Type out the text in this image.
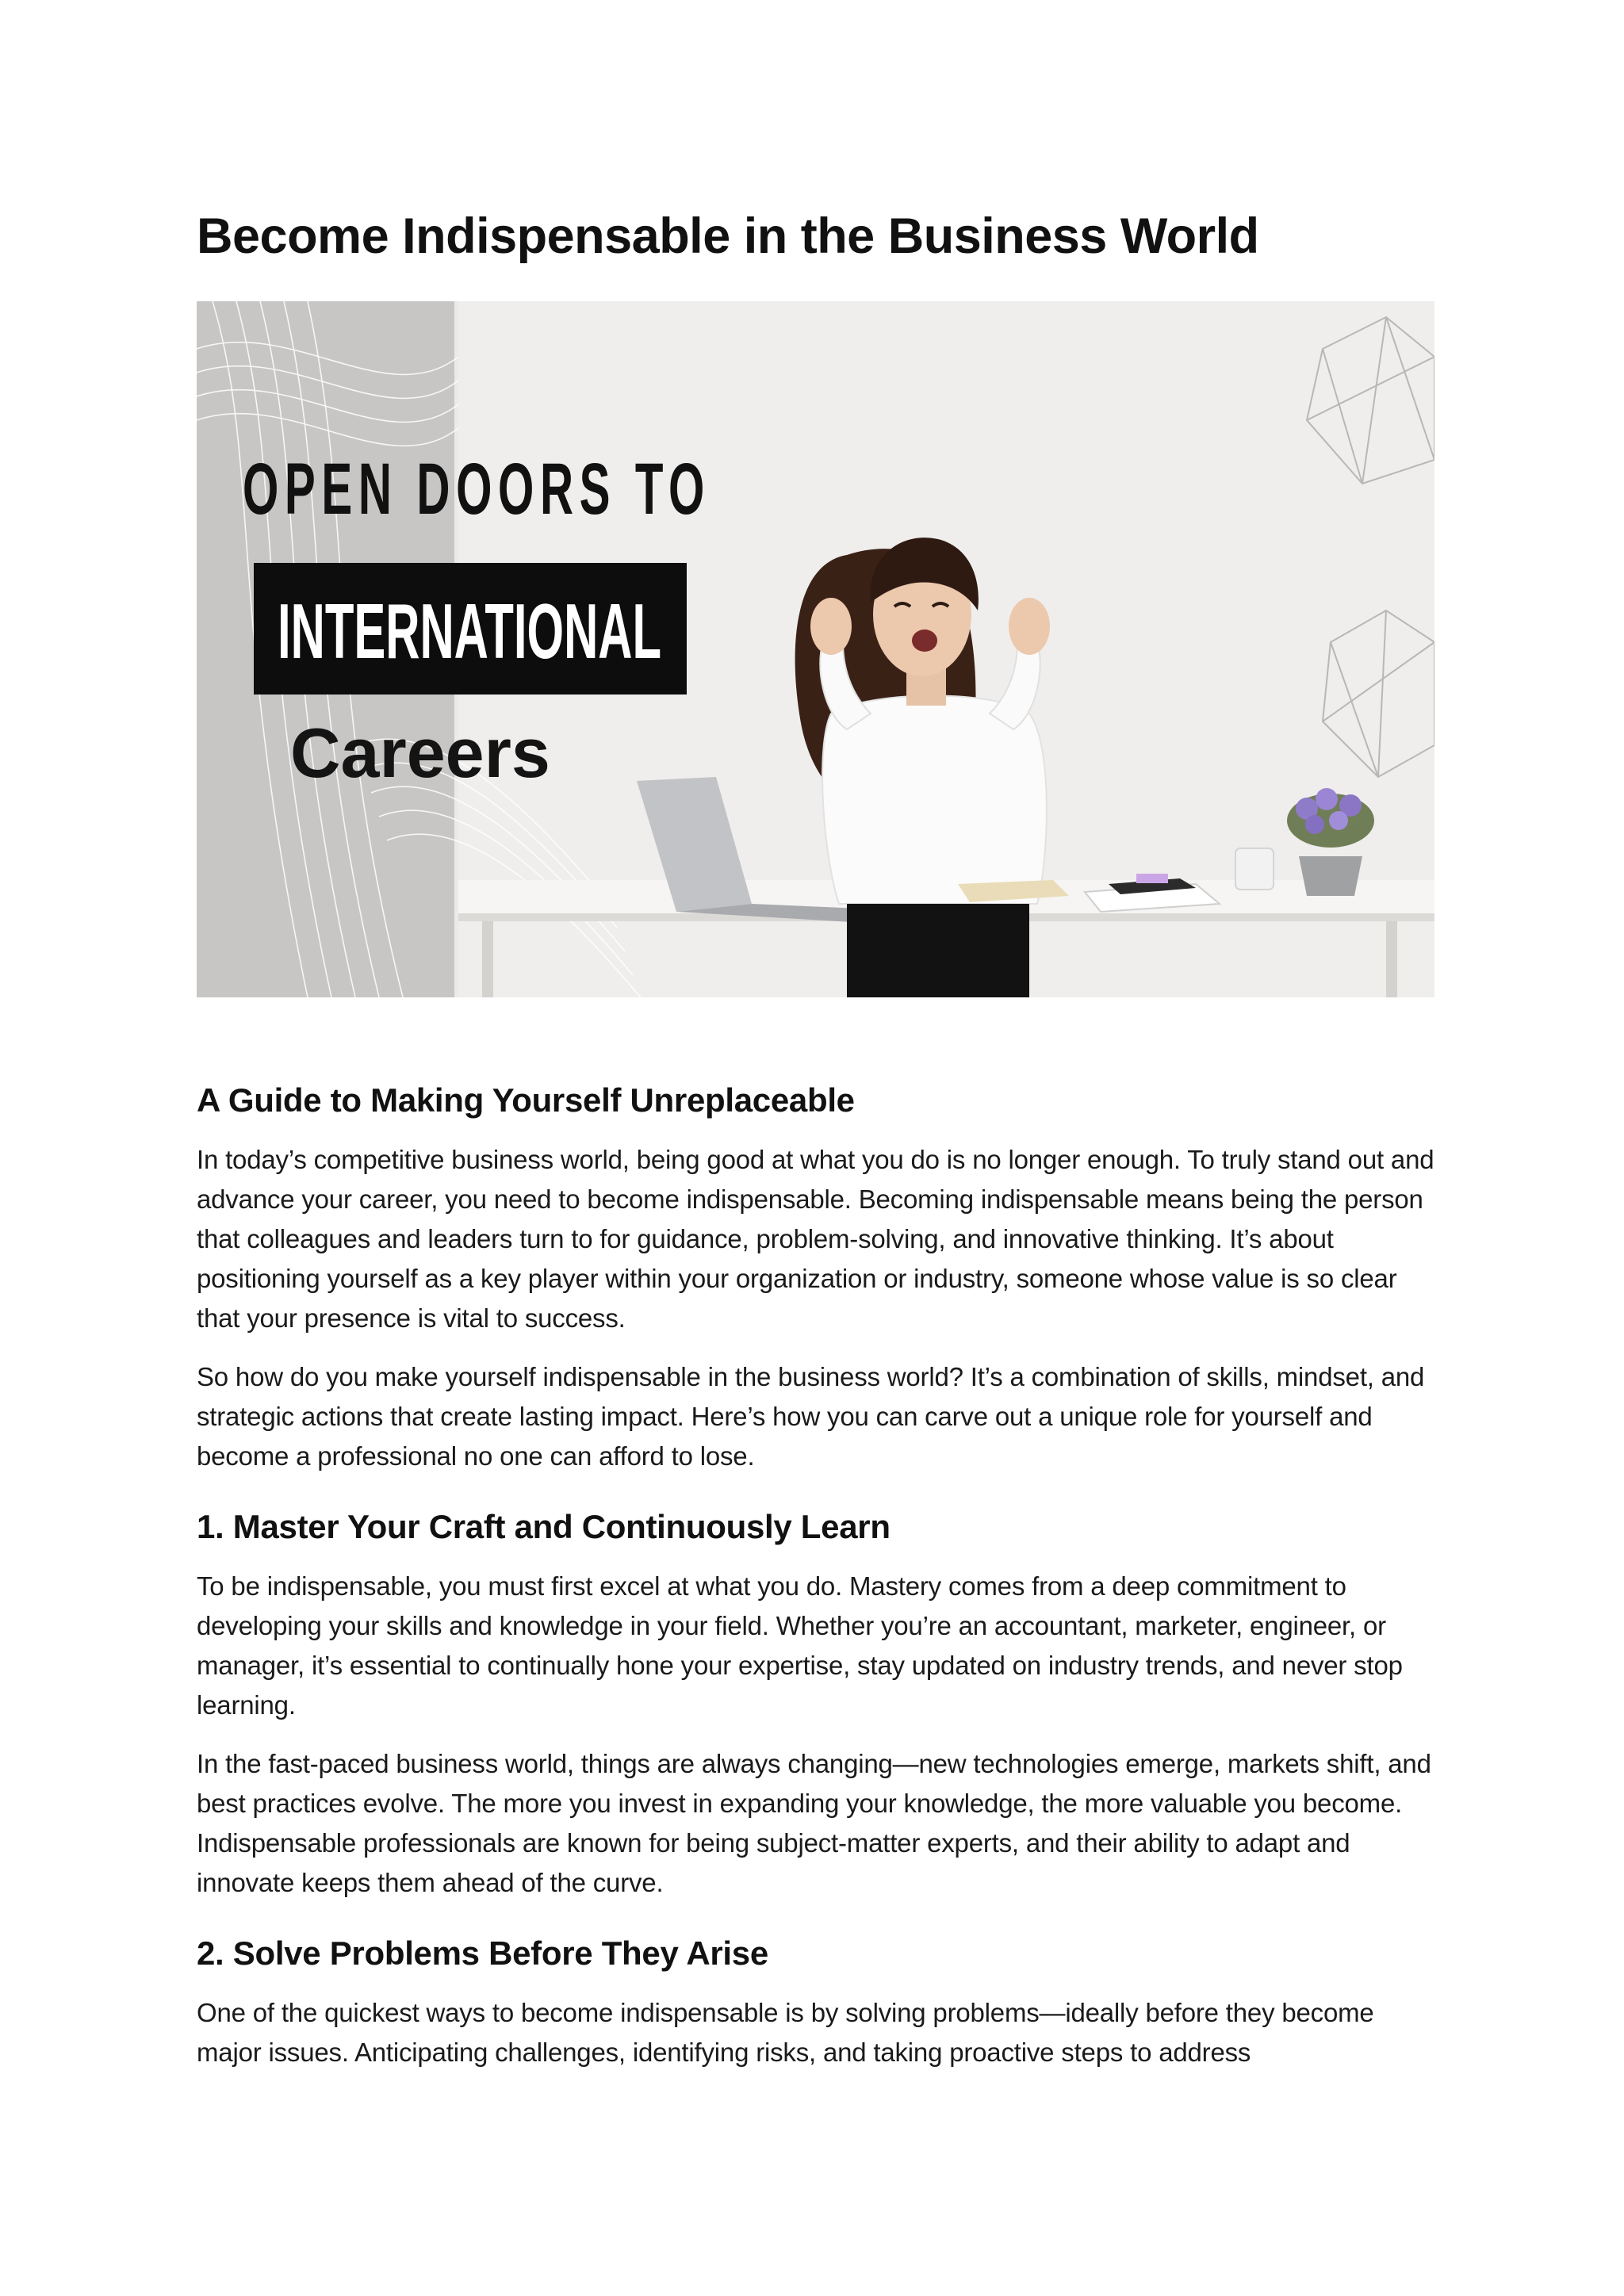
Become Indispensable in the Business World
OPEN DOORS TO
INTERNATIONAL
Careers
A Guide to Making Yourself Unreplaceable

In today’s competitive business world, being good at what you do is no longer enough. To truly stand out and advance your career, you need to become indispensable. Becoming indispensable means being the person that colleagues and leaders turn to for guidance, problem-solving, and innovative thinking. It’s about positioning yourself as a key player within your organization or industry, someone whose value is so clear that your presence is vital to success.

So how do you make yourself indispensable in the business world? It’s a combination of skills, mindset, and strategic actions that create lasting impact. Here’s how you can carve out a unique role for yourself and become a professional no one can afford to lose.

1. Master Your Craft and Continuously Learn

To be indispensable, you must first excel at what you do. Mastery comes from a deep commitment to developing your skills and knowledge in your field. Whether you’re an accountant, marketer, engineer, or manager, it’s essential to continually hone your expertise, stay updated on industry trends, and never stop learning.

In the fast-paced business world, things are always changing—new technologies emerge, markets shift, and best practices evolve. The more you invest in expanding your knowledge, the more valuable you become. Indispensable professionals are known for being subject-matter experts, and their ability to adapt and innovate keeps them ahead of the curve.

2. Solve Problems Before They Arise

One of the quickest ways to become indispensable is by solving problems—ideally before they become major issues. Anticipating challenges, identifying risks, and taking proactive steps to address
